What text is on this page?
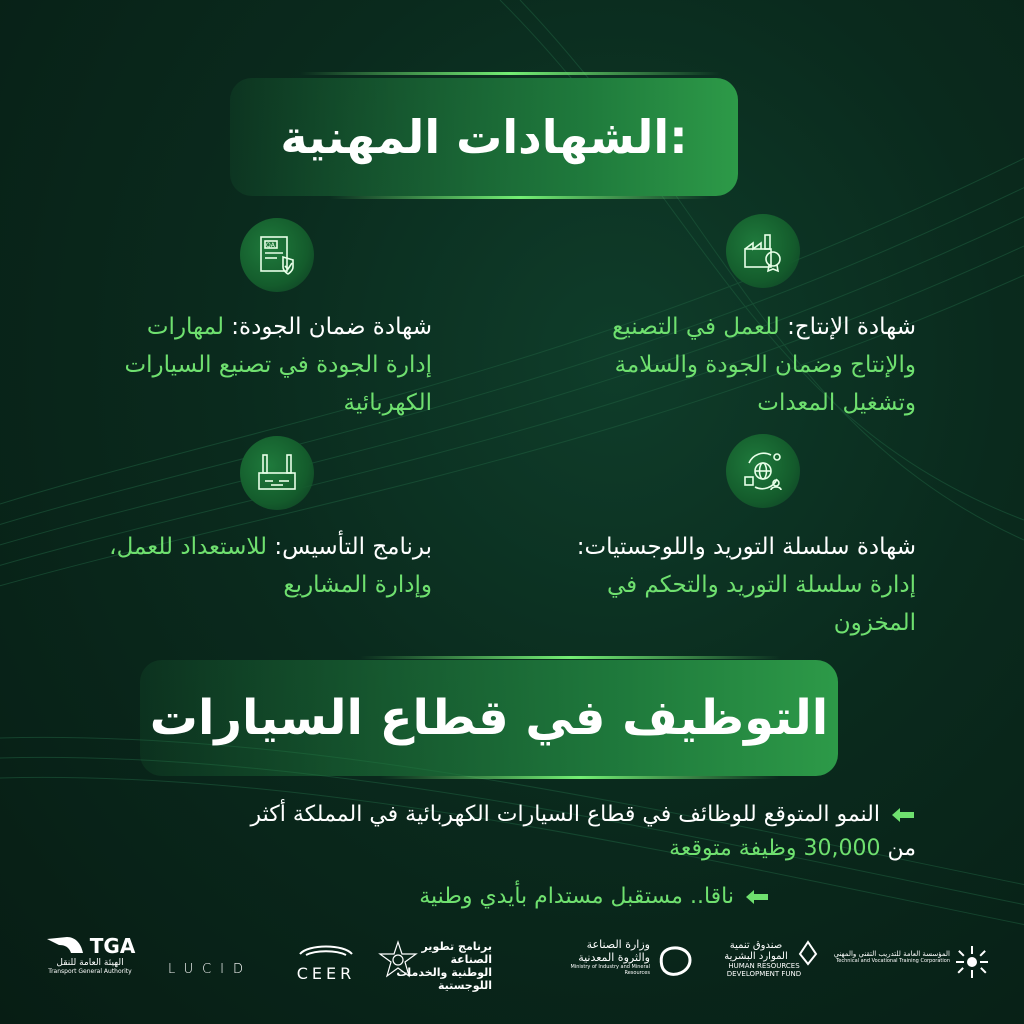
الشهادات المهنية:
QA
شهادة الإنتاج: للعمل في التصنيع والإنتاج وضمان الجودة والسلامة وتشغيل المعدات
شهادة ضمان الجودة: لمهارات إدارة الجودة في تصنيع السيارات الكهربائية
شهادة سلسلة التوريد واللوجستيات: إدارة سلسلة التوريد والتحكم في المخزون
برنامج التأسيس: للاستعداد للعمل، وإدارة المشاريع
التوظيف في قطاع السيارات
النمو المتوقع للوظائف في قطاع السيارات الكهربائية في المملكة أكثر
من 30,000 وظيفة متوقعة
ناقا.. مستقبل مستدام بأيدي وطنية
TGA
الهيئة العامة للنقل
Transport General Authority	LUCID	CEER
برنامج تطوير الصناعة
الوطنية والخدمات
اللوجستية
وزارة الصناعة
والثروة المعدنية
Ministry of Industry and Mineral Resources
صندوق تنمية
الموارد البشرية
HUMAN RESOURCES
DEVELOPMENT FUND
المؤسسة العامة للتدريب التقني والمهني
Technical and Vocational Training Corporation
